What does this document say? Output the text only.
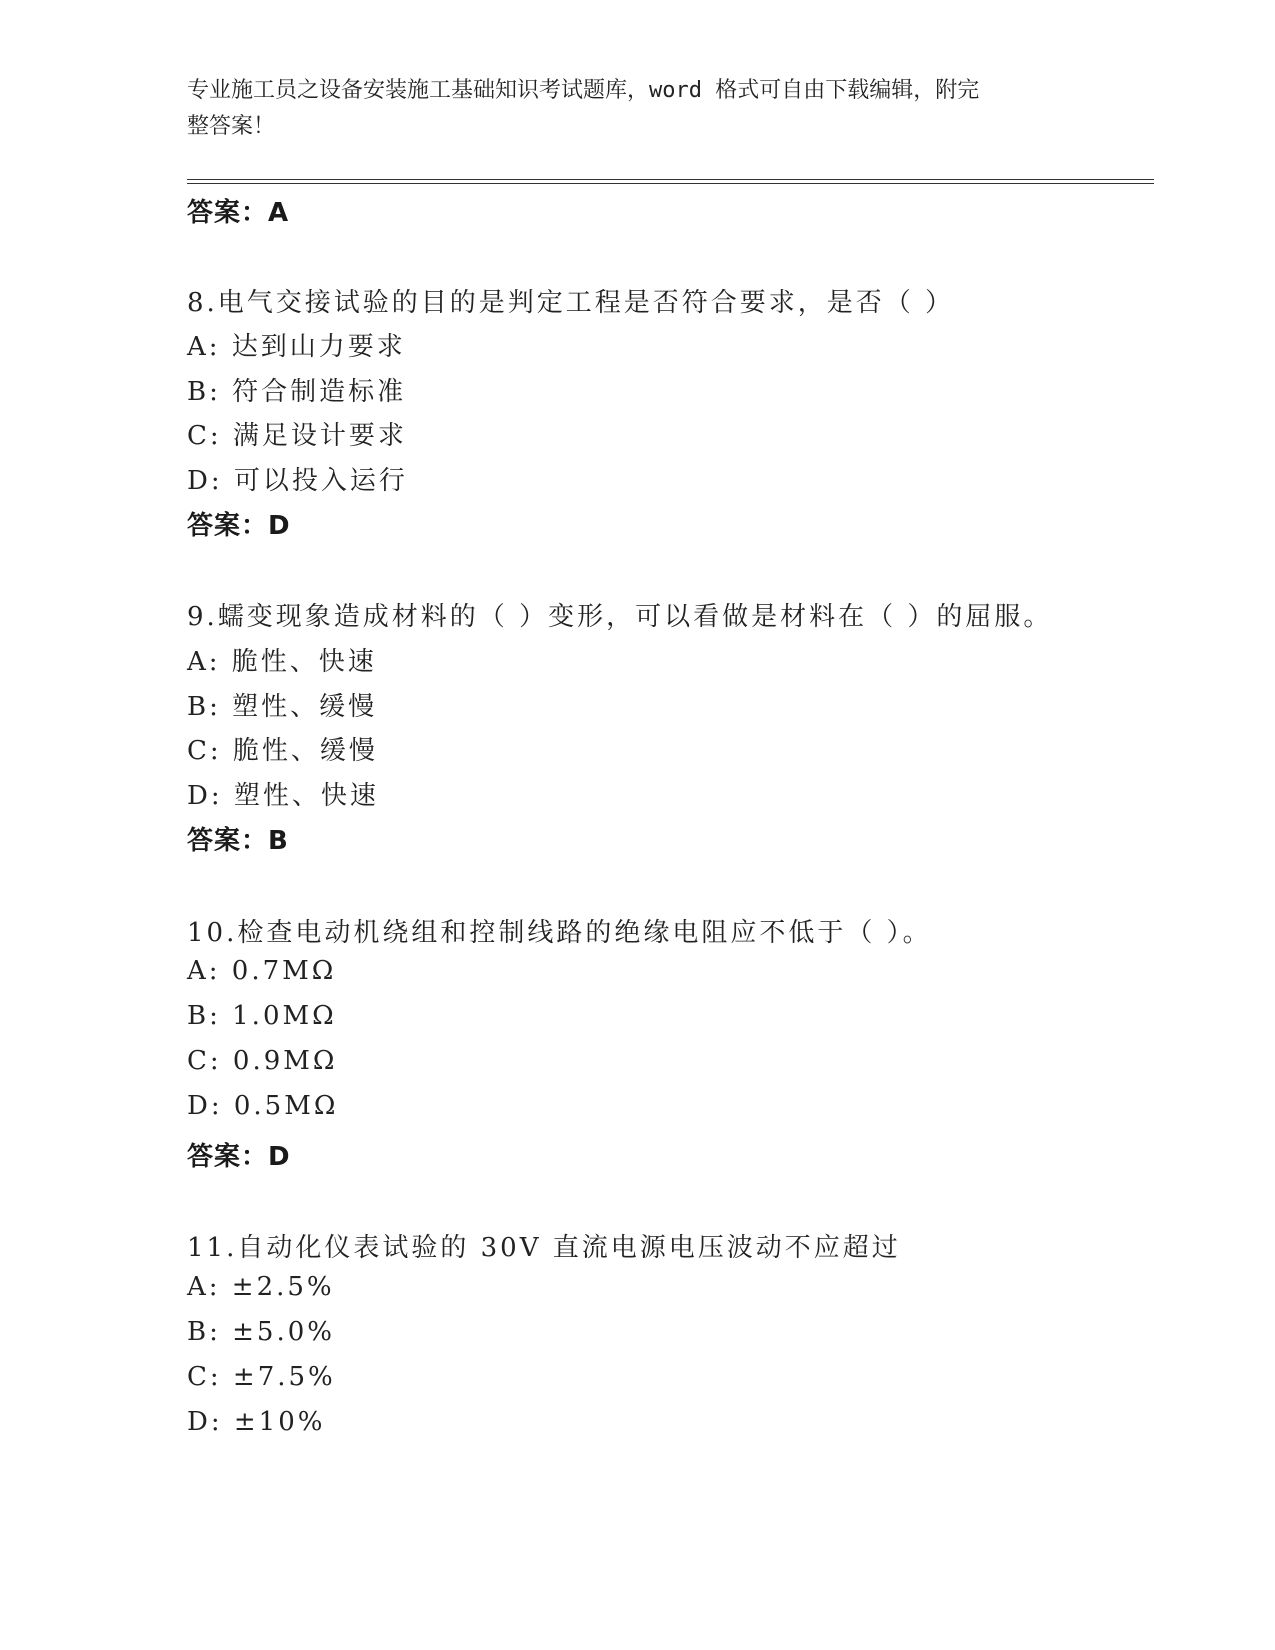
专业施工员之设备安装施工基础知识考试题库，word 格式可自由下载编辑，附完
整答案！
答案：A
8.电气交接试验的目的是判定工程是否符合要求，是否（ ）
A: 达到山力要求
B: 符合制造标准
C: 满足设计要求
D: 可以投入运行
答案：D
9.蠕变现象造成材料的（ ）变形，可以看做是材料在（ ）的屈服。
A: 脆性、快速
B: 塑性、缓慢
C: 脆性、缓慢
D: 塑性、快速
答案：B
10.检查电动机绕组和控制线路的绝缘电阻应不低于（ ）。
A: 0.7MΩ
B: 1.0MΩ
C: 0.9MΩ
D: 0.5MΩ
答案：D
11.自动化仪表试验的 30V 直流电源电压波动不应超过
A: ±2.5%
B: ±5.0%
C: ±7.5%
D: ±10%
